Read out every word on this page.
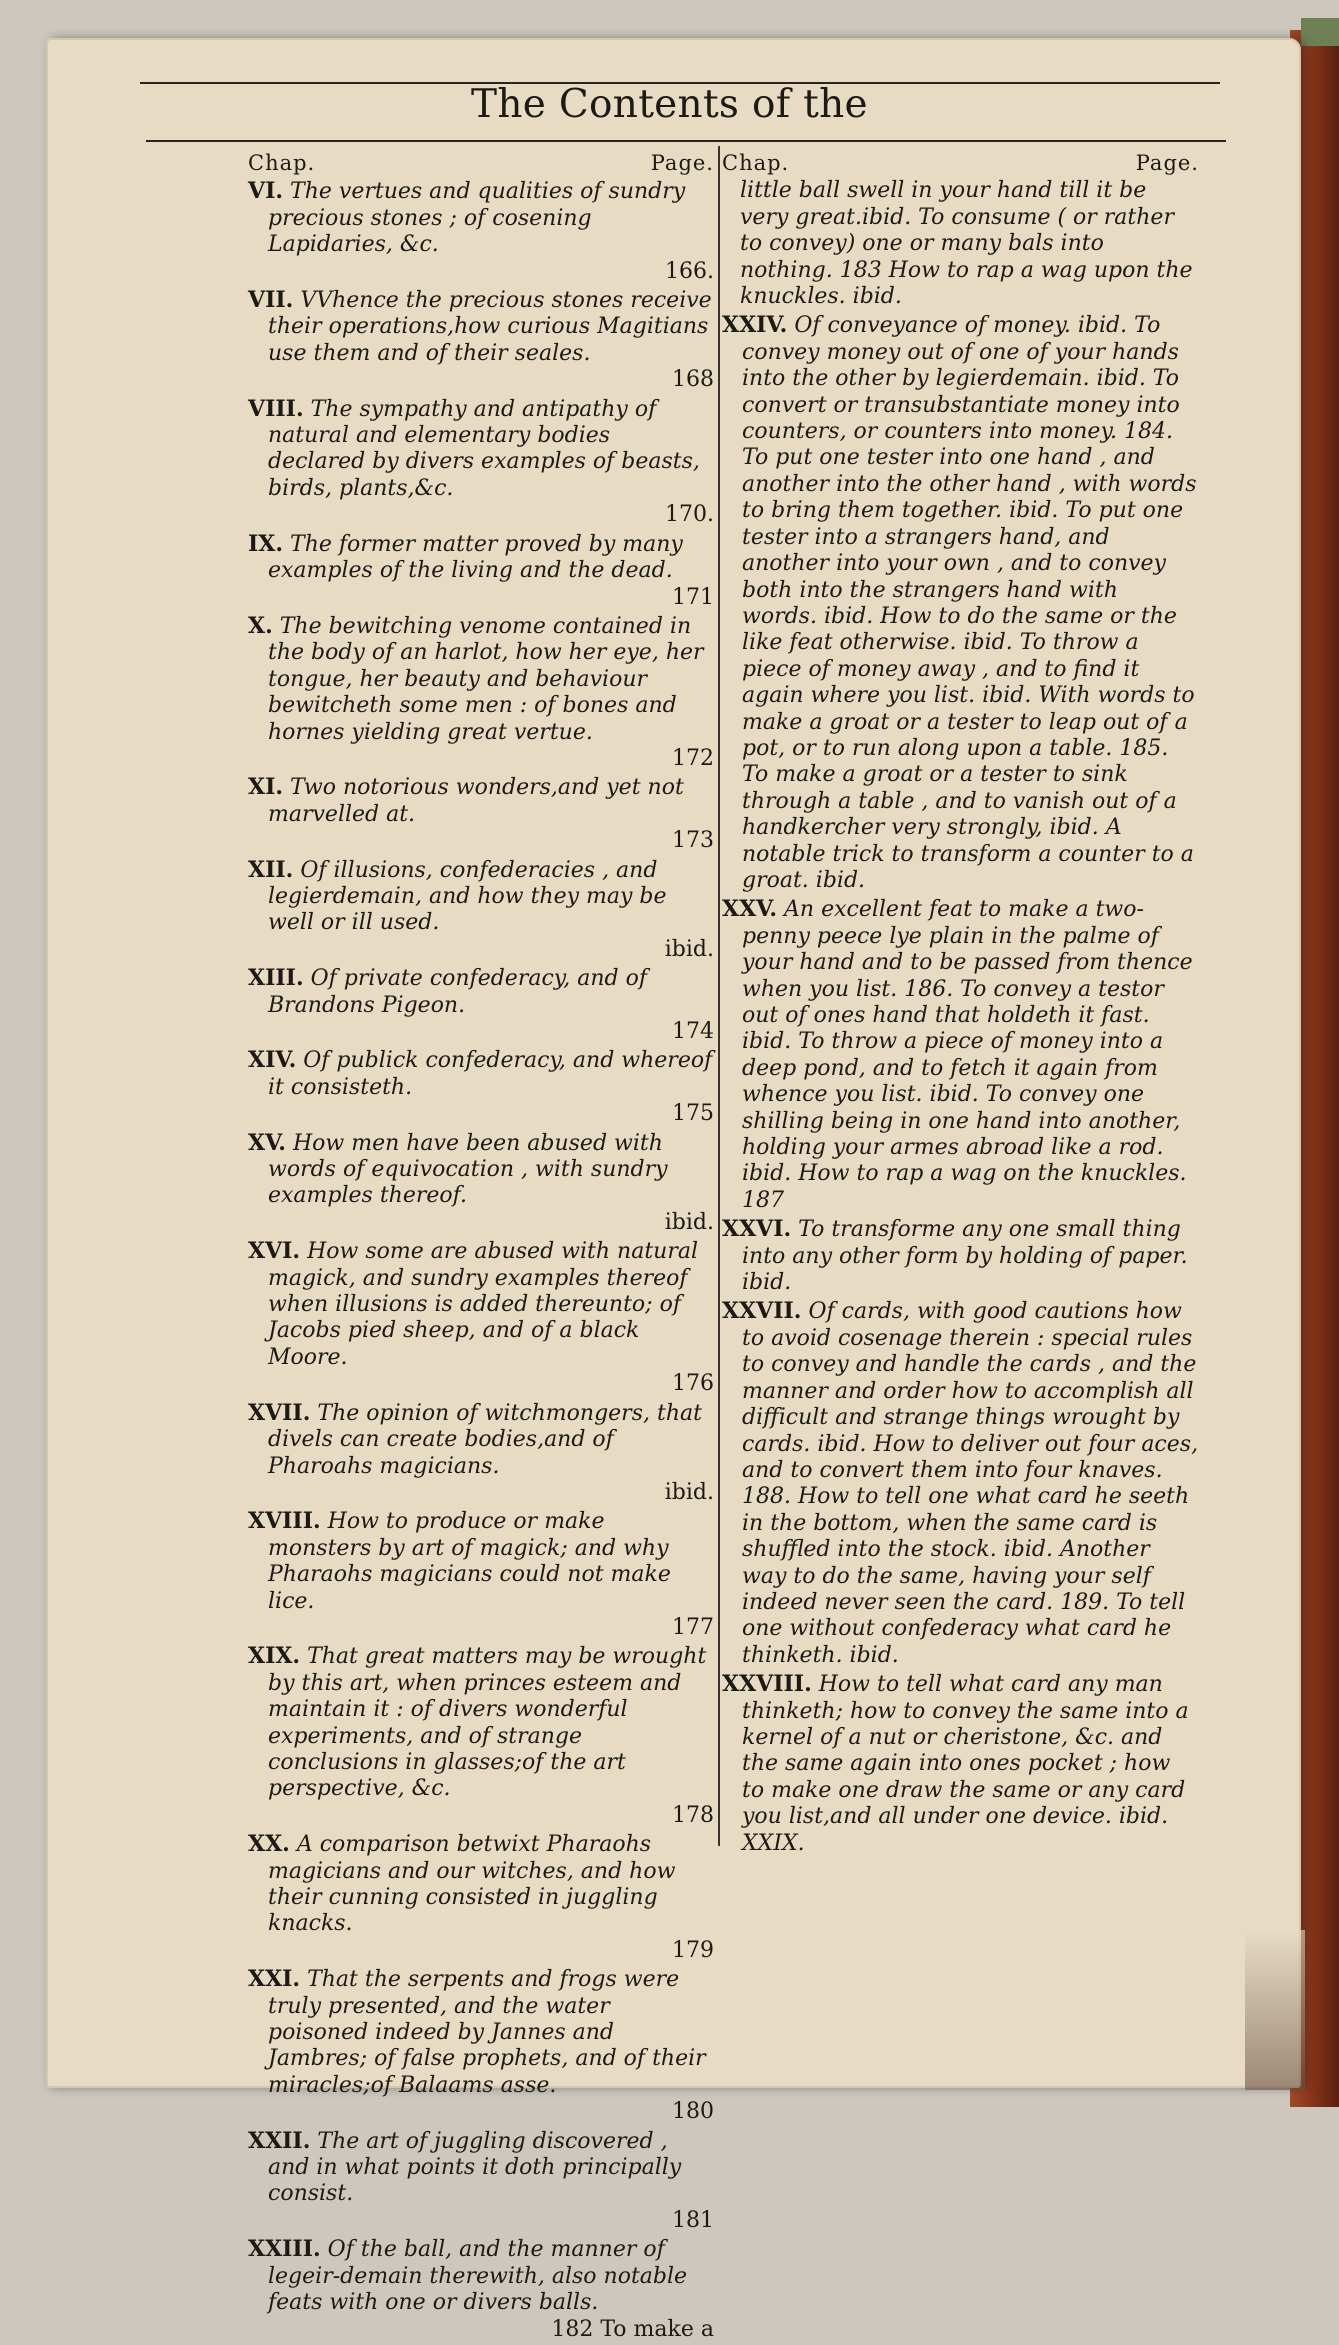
The Contents of the
Chap.	Page.
VI. The vertues and qualities of sundry precious stones ; of cosening Lapidaries, &c.
166.
VII. VVhence the precious stones receive their operations,how curious Magitians use them and of their seales.
168
VIII. The sympathy and antipathy of natural and elementary bodies declared by divers examples of beasts, birds, plants,&c.
170.
IX. The former matter proved by many examples of the living and the dead.
171
X. The bewitching venome contained in the body of an harlot, how her eye, her tongue, her beauty and behaviour bewitcheth some men : of bones and hornes yielding great vertue.
172
XI. Two notorious wonders,and yet not marvelled at.
173
XII. Of illusions, confederacies , and legierdemain, and how they may be well or ill used.
ibid.
XIII. Of private confederacy, and of Brandons Pigeon.
174
XIV. Of publick confederacy, and whereof it consisteth.
175
XV. How men have been abused with words of equivocation , with sundry examples thereof.
ibid.
XVI. How some are abused with natural magick, and sundry examples thereof when illusions is added thereunto; of Jacobs pied sheep, and of a black Moore.
176
XVII. The opinion of witchmongers, that divels can create bodies,and of Pharoahs magicians.
ibid.
XVIII. How to produce or make monsters by art of magick; and why Pharaohs magicians could not make lice.
177
XIX. That great matters may be wrought by this art, when princes esteem and maintain it : of divers wonderful experiments, and of strange conclusions in glasses;of the art perspective, &c.
178
XX. A comparison betwixt Pharaohs magicians and our witches, and how their cunning consisted in juggling knacks.
179
XXI. That the serpents and frogs were truly presented, and the water poisoned indeed by Jannes and Jambres; of false prophets, and of their miracles;of Balaams asse.
180
XXII. The art of juggling discovered , and in what points it doth principally consist.
181
XXIII. Of the ball, and the manner of legeir-demain therewith, also notable feats with one or divers balls.
182 To make a
Chap.	Page.
little ball swell in your hand till it be very great.ibid. To consume ( or rather to convey) one or many bals into nothing. 183 How to rap a wag upon the knuckles. ibid.
XXIV. Of conveyance of money. ibid. To convey money out of one of your hands into the other by legierdemain. ibid. To convert or transubstantiate money into counters, or counters into money. 184. To put one tester into one hand , and another into the other hand , with words to bring them together. ibid. To put one tester into a strangers hand, and another into your own , and to convey both into the strangers hand with words. ibid. How to do the same or the like feat otherwise. ibid. To throw a piece of money away , and to find it again where you list. ibid. With words to make a groat or a tester to leap out of a pot, or to run along upon a table. 185. To make a groat or a tester to sink through a table , and to vanish out of a handkercher very strongly, ibid. A notable trick to transform a counter to a groat. ibid.
XXV. An excellent feat to make a two-penny peece lye plain in the palme of your hand and to be passed from thence when you list. 186. To convey a testor out of ones hand that holdeth it fast. ibid. To throw a piece of money into a deep pond, and to fetch it again from whence you list. ibid. To convey one shilling being in one hand into another, holding your armes abroad like a rod. ibid. How to rap a wag on the knuckles. 187
XXVI. To transforme any one small thing into any other form by holding of paper. ibid.
XXVII. Of cards, with good cautions how to avoid cosenage therein : special rules to convey and handle the cards , and the manner and order how to accomplish all difficult and strange things wrought by cards. ibid. How to deliver out four aces, and to convert them into four knaves. 188. How to tell one what card he seeth in the bottom, when the same card is shuffled into the stock. ibid. Another way to do the same, having your self indeed never seen the card. 189. To tell one without confederacy what card he thinketh. ibid.
XXVIII. How to tell what card any man thinketh; how to convey the same into a kernel of a nut or cheristone, &c. and the same again into ones pocket ; how to make one draw the same or any card you list,and all under one device. ibid. XXIX.
